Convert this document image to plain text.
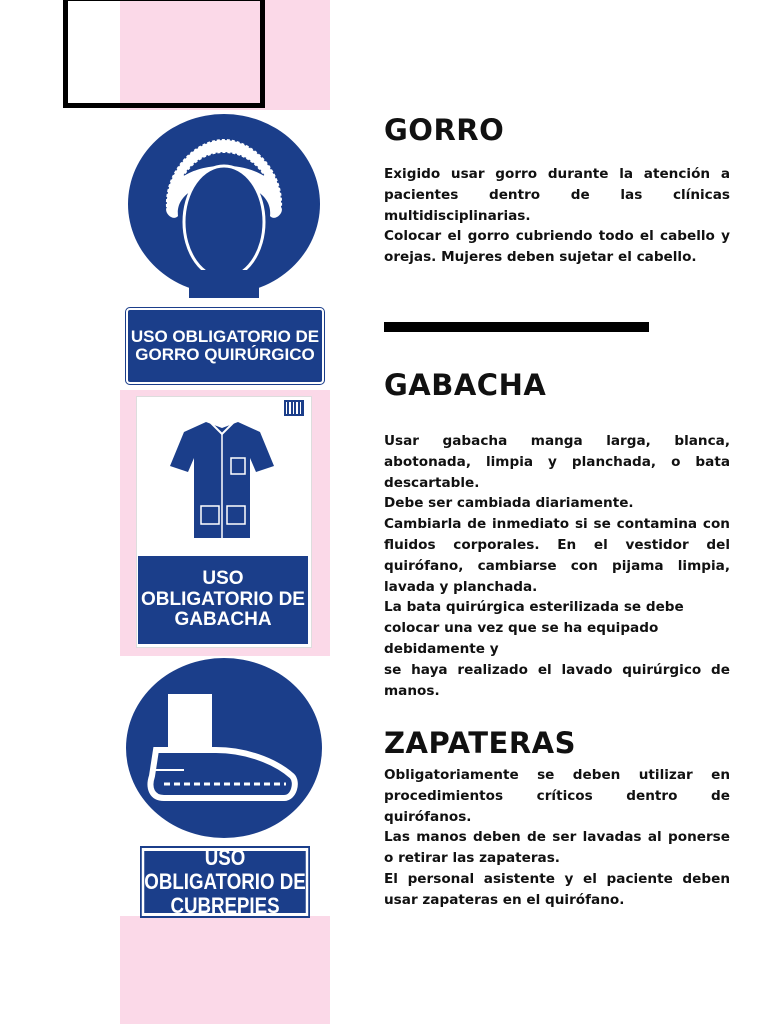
USO OBLIGATORIO DE GORRO QUIRÚRGICO
USO OBLIGATORIO DE GABACHA
USO OBLIGATORIO DE CUBREPIES
GORRO
Exigido usar gorro durante la atención a pacientes dentro de las clínicas multidisciplinarias.
Colocar el gorro cubriendo todo el cabello y orejas. Mujeres deben sujetar el cabello.
GABACHA
Usar gabacha manga larga, blanca, abotonada, limpia y planchada, o bata descartable.
Debe ser cambiada diariamente.
Cambiarla de inmediato si se contamina con fluidos corporales. En el vestidor del quirófano, cambiarse con pijama limpia, lavada y planchada.
La bata quirúrgica esterilizada se debe colocar una vez que se ha equipado debidamente y
se haya realizado el lavado quirúrgico de manos.
ZAPATERAS
Obligatoriamente se deben utilizar en procedimientos críticos dentro de quirófanos.
Las manos deben de ser lavadas al ponerse o retirar las zapateras.
El personal asistente y el paciente deben usar zapateras en el quirófano.
